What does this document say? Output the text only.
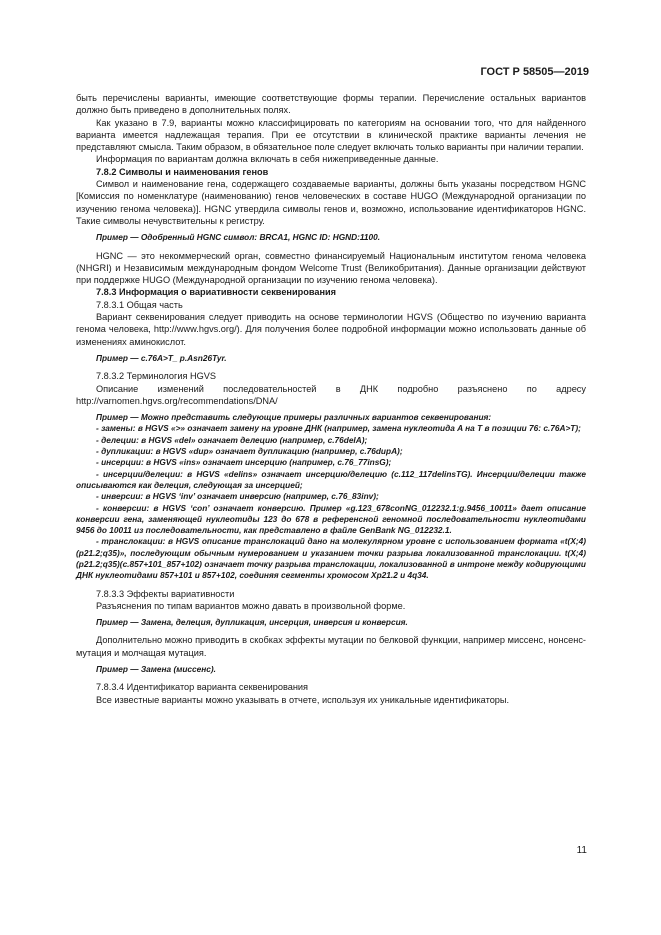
ГОСТ Р 58505—2019

быть перечислены варианты, имеющие соответствующие формы терапии. Перечисление остальных вариантов должно быть приведено в дополнительных полях.

Как указано в 7.9, варианты можно классифицировать по категориям на основании того, что для найденного варианта имеется надлежащая терапия. При ее отсутствии в клинической практике варианты лечения не представляют смысла. Таким образом, в обязательное поле следует включать только варианты при наличии терапии.

Информация по вариантам должна включать в себя нижеприведенные данные.

7.8.2 Символы и наименования генов

Символ и наименование гена, содержащего создаваемые варианты, должны быть указаны посредством HGNC [Комиссия по номенклатуре (наименованию) генов человеческих в составе HUGO (Международной организации по изучению генома человека)]. HGNC утвердила символы генов и, возможно, использование идентификаторов HGNC. Такие символы нечувствительны к регистру.

Пример — Одобренный HGNC символ: BRCA1, HGNC ID: HGND:1100.

HGNC — это некоммерческий орган, совместно финансируемый Национальным институтом генома человека (NHGRI) и Независимым международным фондом Welcome Trust (Великобритания). Данные организации действуют при поддержке HUGO (Международной организации по изучению генома человека).

7.8.3 Информация о вариативности секвенирования

7.8.3.1 Общая часть

Вариант секвенирования следует приводить на основе терминологии HGVS (Общество по изучению варианта генома человека, http://www.hgvs.org/). Для получения более подробной информации можно использовать данные об изменениях аминокислот.

Пример — c.76A>T_ p.Asn26Tyr.

7.8.3.2 Терминология HGVS

Описание изменений последовательностей в ДНК подробно разъяснено по адресу http://varnomen.hgvs.org/recommendations/DNA/

Пример — Можно представить следующие примеры различных вариантов секвенирования:

- замены: в HGVS «>» означает замену на уровне ДНК (например, замена нуклеотида A на T в позиции 76: c.76A>T);

- делеции: в HGVS «del» означает делецию (например, c.76delA);

- дупликации: в HGVS «dup» означает дупликацию (например, c.76dupA);

- инсерции: в HGVS «ins» означает инсерцию (например, c.76_77insG);

- инсерции/делеции: в HGVS «delins» означает инсерцию/делецию (c.112_117delinsTG). Инсерции/делеции также описываются как делеция, следующая за инсерцией;

- инверсии: в HGVS ‘inv’ означает инверсию (например, c.76_83inv);

- конверсии: в HGVS ‘con’ означает конверсию. Пример «g.123_678conNG_012232.1:g.9456_10011» дает описание конверсии гена, заменяющей нуклеотиды 123 до 678 в референсной геномной последовательности нуклеотидами 9456 до 10011 из последовательности, как представлено в файле GenBank NG_012232.1.

- транслокации: в HGVS описание транслокаций дано на молекулярном уровне с использованием формата «t(X;4)(p21.2;q35)», последующим обычным нумерованием и указанием точки разрыва локализованной транслокации. t(X;4)(p21.2;q35)(c.857+101_857+102) означает точку разрыва транслокации, локализованной в интроне между кодирующими ДНК нуклеотидами 857+101 и 857+102, соединяя сегменты хромосом Xp21.2 и 4q34.

7.8.3.3 Эффекты вариативности

Разъяснения по типам вариантов можно давать в произвольной форме.

Пример — Замена, делеция, дупликация, инсерция, инверсия и конверсия.

Дополнительно можно приводить в скобках эффекты мутации по белковой функции, например миссенс, нонсенс-мутация и молчащая мутация.

Пример — Замена (миссенс).

7.8.3.4 Идентификатор варианта секвенирования

Все известные варианты можно указывать в отчете, используя их уникальные идентификаторы.

11
